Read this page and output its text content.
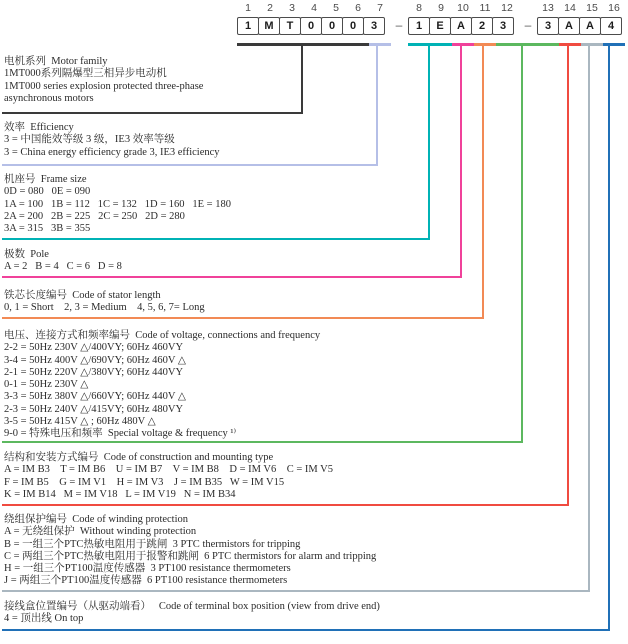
1	2	3	4	5	6	7	8	9	10	11	12	13 14 15 16
1	M	T	0	0	0	3	1	E	A	2	3	3	A	A	4
–	–
电机系列  Motor family
1MT000系列隔爆型三相异步电动机
1MT000 series explosion protected three-phase
asynchronous motors
效率  Efficiency
3 = 中国能效等级 3 级，IE3 效率等级
3 = China energy efficiency grade 3, IE3 efficiency
机座号  Frame size
0D = 080   0E = 090
1A = 100   1B = 112   1C = 132   1D = 160   1E = 180
2A = 200   2B = 225   2C = 250   2D = 280
3A = 315   3B = 355
极数  Pole
A = 2   B = 4   C = 6   D = 8
铁芯长度编号  Code of stator length
0, 1 = Short    2, 3 = Medium    4, 5, 6, 7= Long
电压、连接方式和频率编号  Code of voltage, connections and frequency
2-2 = 50Hz 230V △/400VY; 60Hz 460VY
3-4 = 50Hz 400V △/690VY; 60Hz 460V △
2-1 = 50Hz 220V △/380VY; 60Hz 440VY
0-1 = 50Hz 230V △
3-3 = 50Hz 380V △/660VY; 60Hz 440V △
2-3 = 50Hz 240V △/415VY; 60Hz 480VY
3-5 = 50Hz 415V △ ; 60Hz 480V △
9-0 = 特殊电压和频率  Special voltage & frequency ¹⁾
结构和安装方式编号  Code of construction and mounting type
A = IM B3    T = IM B6    U = IM B7    V = IM B8    D = IM V6    C = IM V5
F = IM B5    G = IM V1    H = IM V3    J = IM B35   W = IM V15
K = IM B14   M = IM V18   L = IM V19   N = IM B34
绕组保护编号  Code of winding protection
A = 无绕组保护  Without winding protection
B = 一组三个PTC热敏电阻用于跳闸  3 PTC thermistors for tripping
C = 两组三个PTC热敏电阻用于报警和跳闸  6 PTC thermistors for alarm and tripping
H = 一组三个PT100温度传感器  3 PT100 resistance thermometers
J = 两组三个PT100温度传感器  6 PT100 resistance thermometers
接线盒位置编号（从驱动端看）   Code of terminal box position (view from drive end)
4 = 顶出线 On top
